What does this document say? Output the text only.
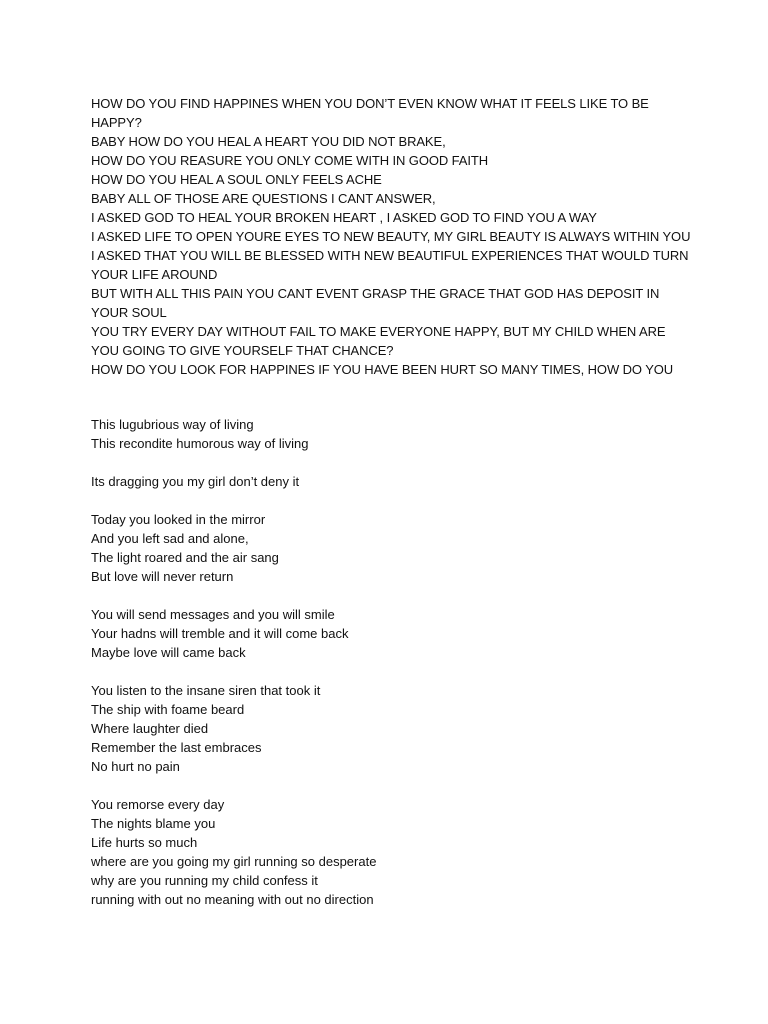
HOW DO YOU FIND HAPPINES WHEN YOU DON’T EVEN KNOW WHAT IT FEELS LIKE TO BE
HAPPY?
BABY HOW DO YOU HEAL A HEART YOU DID NOT BRAKE,
HOW DO YOU REASURE YOU ONLY COME WITH IN GOOD FAITH
HOW DO YOU HEAL A SOUL ONLY FEELS ACHE
BABY ALL OF THOSE ARE QUESTIONS I CANT ANSWER,
I ASKED GOD TO HEAL YOUR BROKEN HEART , I ASKED GOD TO FIND YOU A WAY
I ASKED LIFE TO OPEN YOURE EYES TO NEW BEAUTY, MY GIRL BEAUTY IS ALWAYS WITHIN YOU
I ASKED THAT YOU WILL BE BLESSED WITH NEW BEAUTIFUL EXPERIENCES THAT WOULD TURN
YOUR LIFE AROUND
BUT WITH ALL THIS PAIN YOU CANT EVENT GRASP THE GRACE THAT GOD HAS DEPOSIT IN
YOUR SOUL
YOU TRY EVERY DAY WITHOUT FAIL TO MAKE EVERYONE HAPPY, BUT MY CHILD WHEN ARE
YOU GOING TO GIVE YOURSELF THAT CHANCE?
HOW DO YOU LOOK FOR HAPPINES IF YOU HAVE BEEN HURT SO MANY TIMES, HOW DO YOU
This lugubrious way of living
This recondite humorous way of living
Its dragging you my girl don’t deny it
Today you looked in the mirror
And you left sad and alone,
The light roared and the air sang
But love will never return
You will send messages and you will smile
Your hadns will tremble and it will come back
Maybe love will came back
You listen to the insane siren that took it
The ship with foame beard
Where laughter died
Remember the last embraces
No hurt no pain
You remorse every day
The nights blame you
Life hurts so much
where are you going my girl running so desperate
why are you running my child confess it
running with out no meaning with out no direction
